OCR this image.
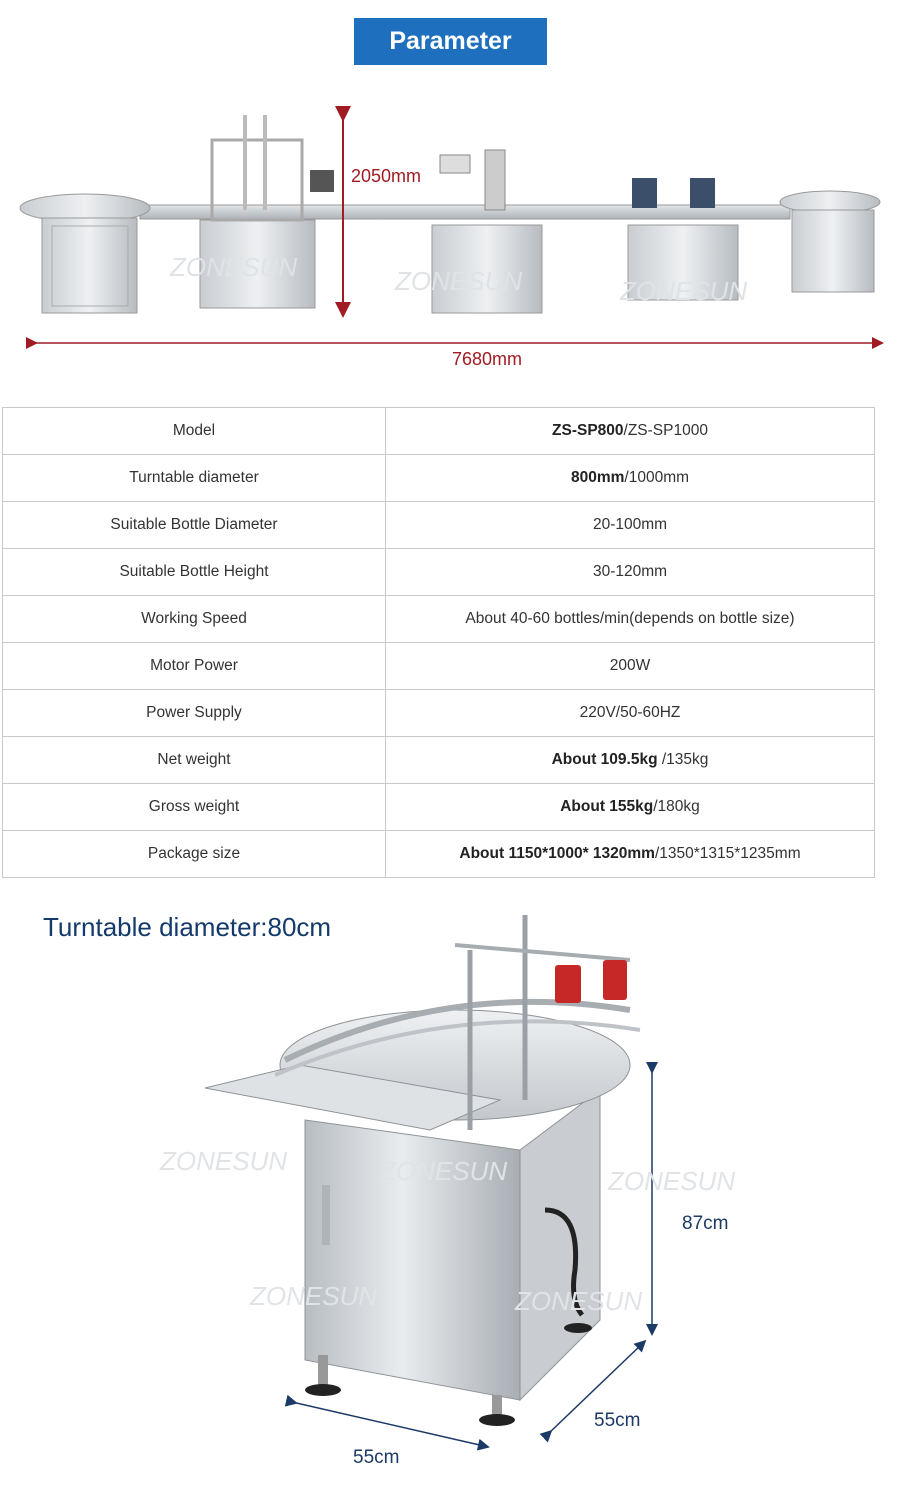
Parameter
ZONESUN	ZONESUN	ZONESUN
2050mm
7680mm
Model	ZS-SP800/ZS-SP1000
Turntable diameter	800mm/1000mm
Suitable Bottle Diameter	20-100mm
Suitable Bottle Height	30-120mm
Working Speed	About 40-60 bottles/min(depends on bottle size)
Motor Power	200W
Power Supply	220V/50-60HZ
Net weight	About 109.5kg /135kg
Gross weight	About 155kg/180kg
Package size	About 1150*1000* 1320mm/1350*1315*1235mm
Turntable diameter:80cm
ZONESUN	ZONESUN	ZONESUN
ZONESUN	ZONESUN
87cm
55cm
55cm
